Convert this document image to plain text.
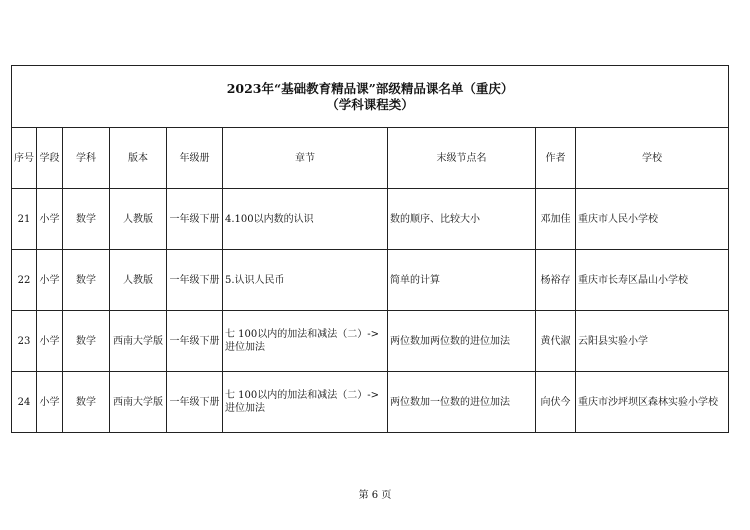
2023年“基础教育精品课”部级精品课名单（重庆）
（学科课程类）								

序号	学段	学科	版本	年级册	章节	末级节点名	作者	学校
21	小学	数学	人教版	一年级下册	4.100以内数的认识	数的顺序、比较大小	邓加佳	重庆市人民小学校
22	小学	数学	人教版	一年级下册	5.认识人民币	简单的计算	杨裕存	重庆市长寿区晶山小学校
23	小学	数学	西南大学版	一年级下册	七 100以内的加法和减法（二）->进位加法	两位数加两位数的进位加法	黄代淑	云阳县实验小学
24	小学	数学	西南大学版	一年级下册	七 100以内的加法和减法（二）->进位加法	两位数加一位数的进位加法	向伏今	重庆市沙坪坝区森林实验小学校
第 6 页
